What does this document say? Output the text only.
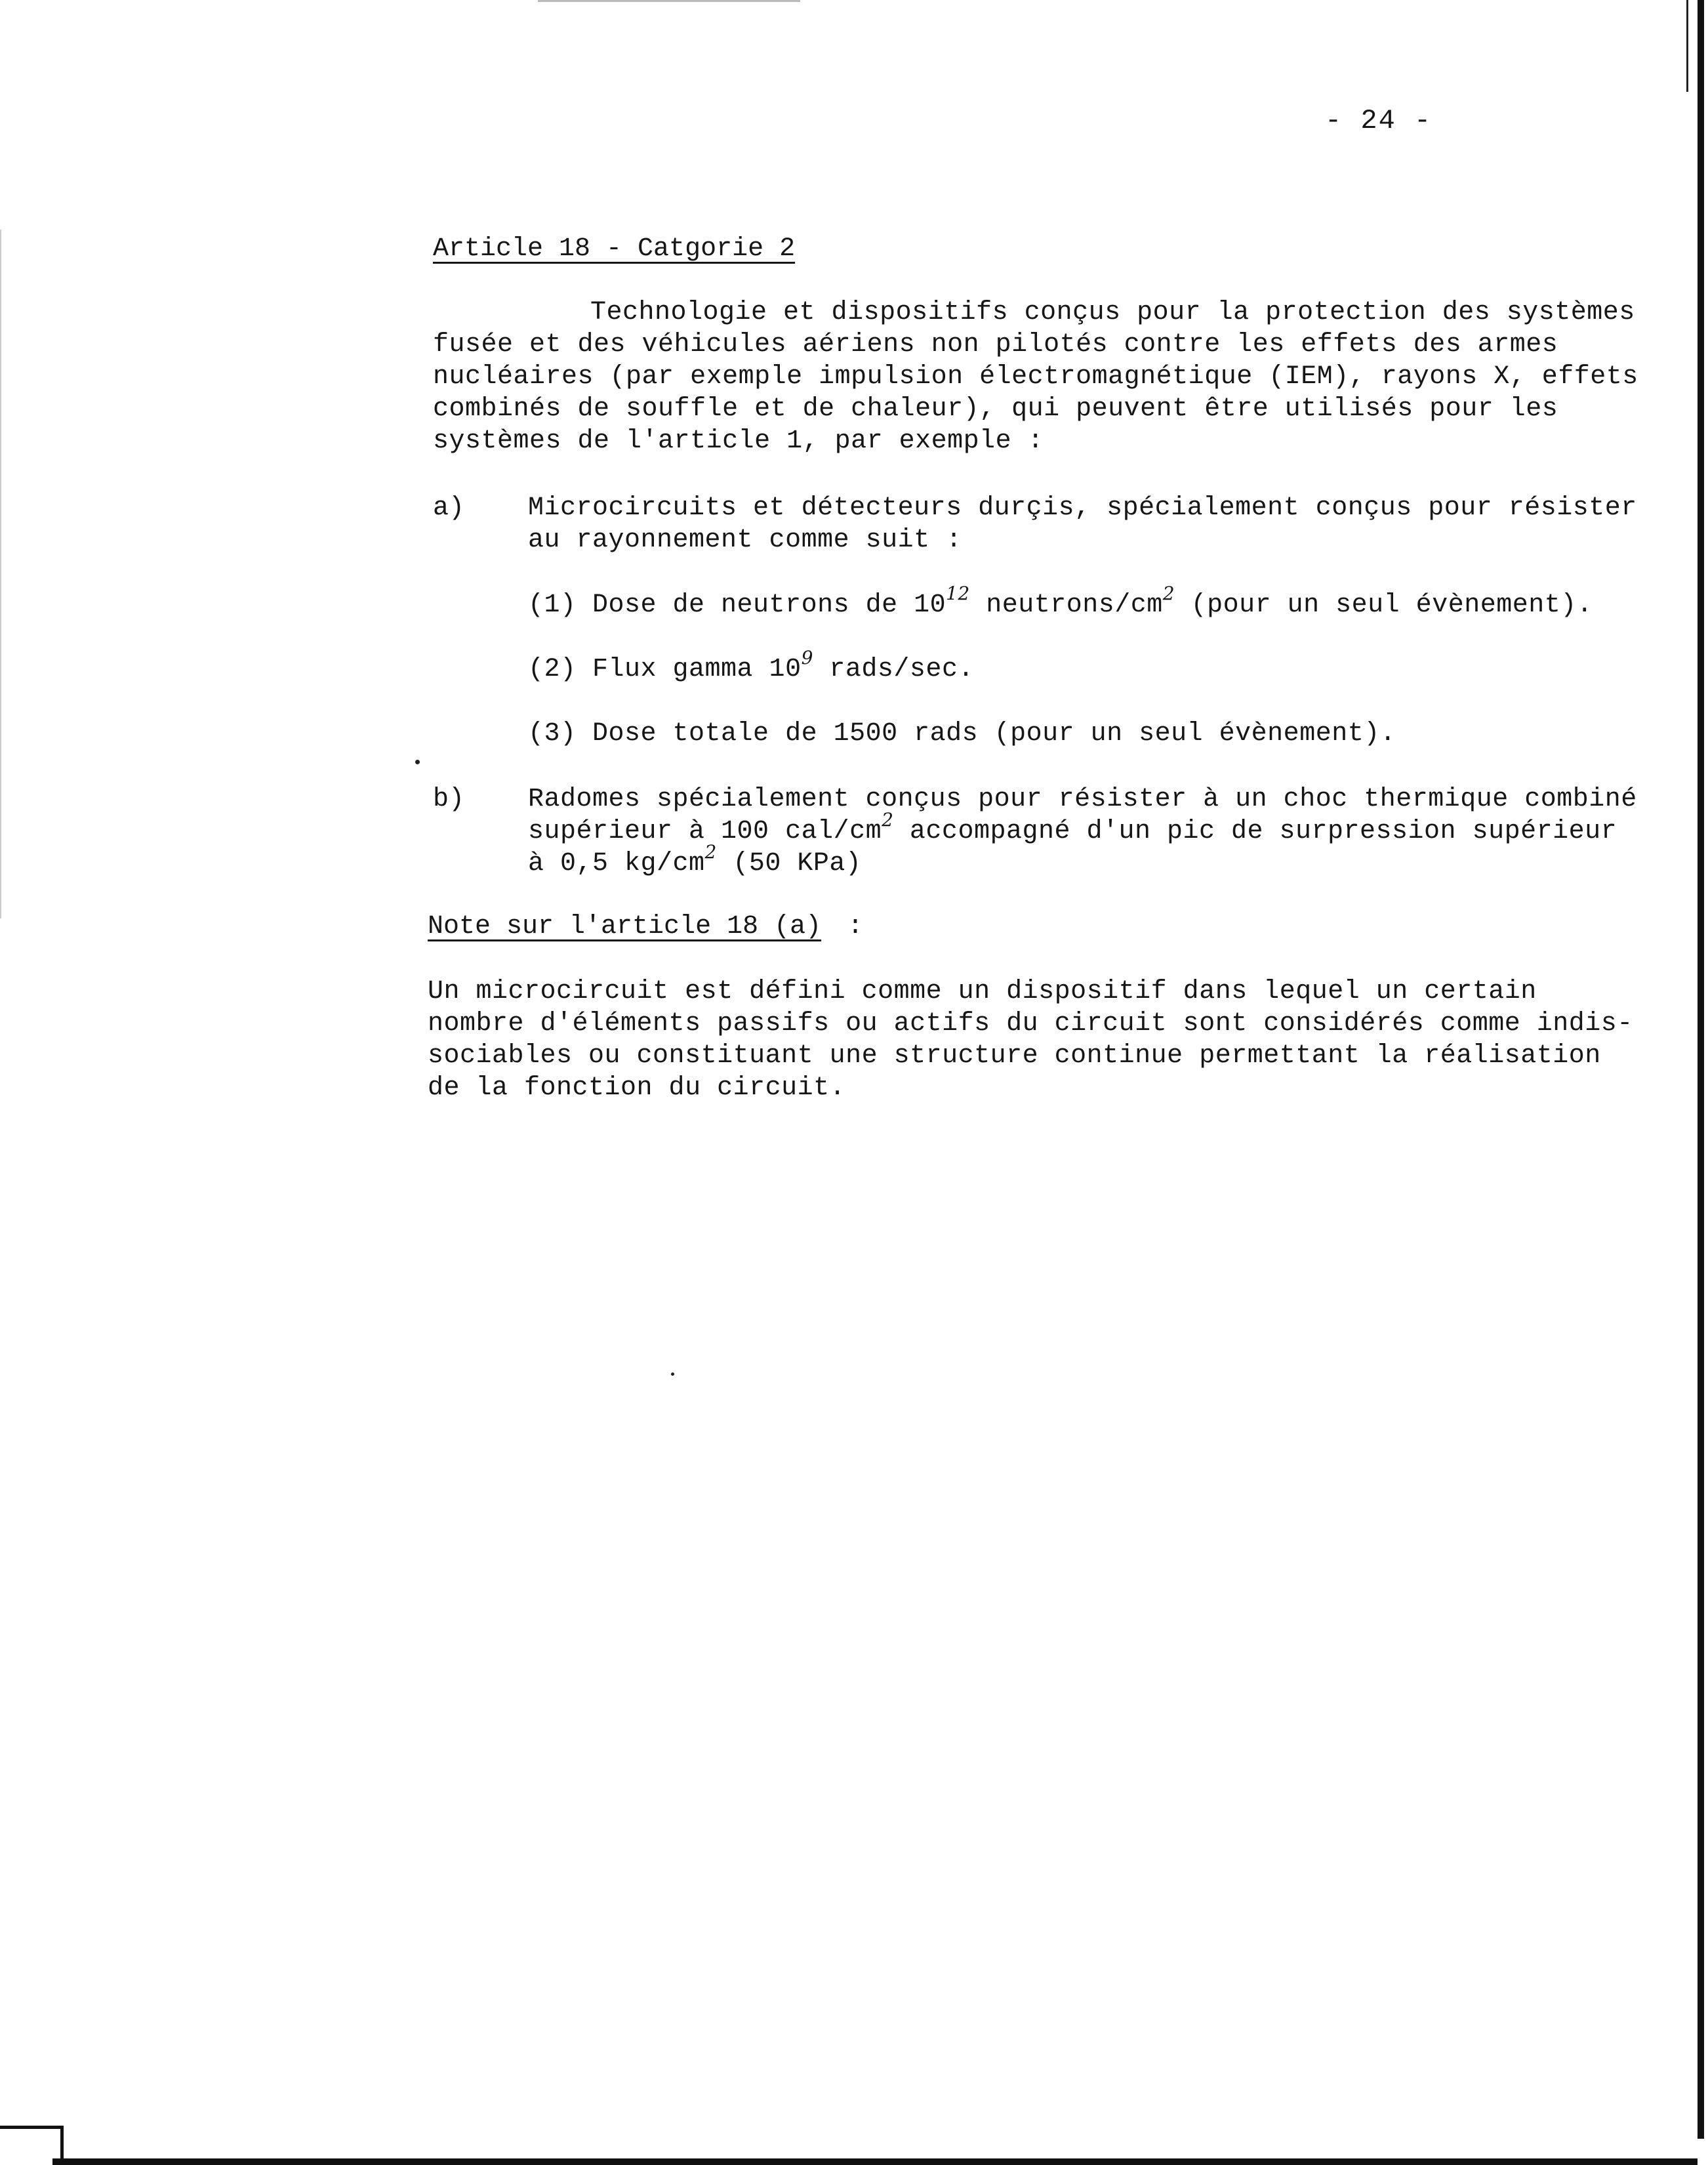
- 24 -
Article 18 - Catgorie 2
Technologie et dispositifs conçus pour la protection des systèmes
fusée et des véhicules aériens non pilotés contre les effets des armes
nucléaires (par exemple impulsion électromagnétique (IEM), rayons X, effets
combinés de souffle et de chaleur), qui peuvent être utilisés pour les
systèmes de l'article 1, par exemple :
a) Microcircuits et détecteurs durçis, spécialement conçus pour résister
au rayonnement comme suit :
(1) Dose de neutrons de $10^{12}$ neutrons/$cm^2$ (pour un seul évènement).
(2) Flux gamma $10^9$ rads/sec.
(3) Dose totale de 1500 rads (pour un seul évènement).
b) Radomes spécialement conçus pour résister à un choc thermique combiné
supérieur à 100 cal/$cm^2$ accompagné d'un pic de surpression supérieur
à 0,5 $kg/cm^2$ (50 KPa)
Note sur l'article 18 (a) :
Un microcircuit est défini comme un dispositif dans lequel un certain
nombre d'éléments passifs ou actifs du circuit sont considérés comme indis-
sociables ou constituant une structure continue permettant la réalisation
de la fonction du circuit.
